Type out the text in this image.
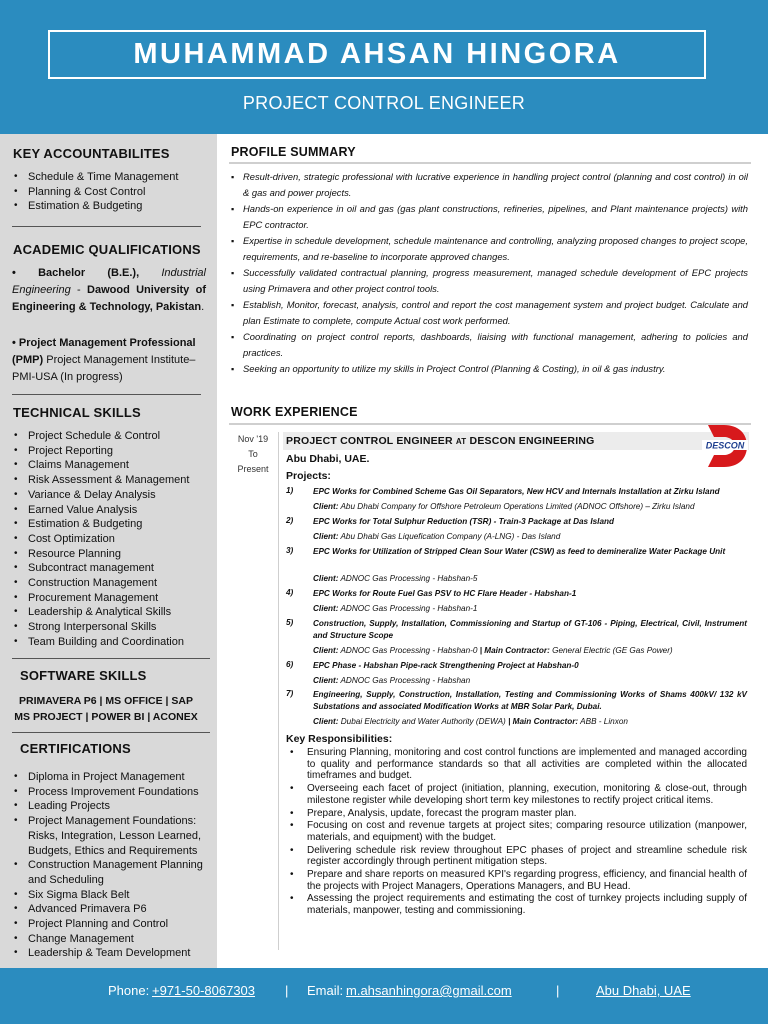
MUHAMMAD AHSAN HINGORA
PROJECT CONTROL ENGINEER
KEY ACCOUNTABILITES
• Schedule & Time Management
• Planning & Cost Control
• Estimation & Budgeting
ACADEMIC QUALIFICATIONS
• Bachelor (B.E.), Industrial Engineering - Dawood University of Engineering & Technology, Pakistan.
• Project Management Professional (PMP) Project Management Institute– PMI-USA (In progress)
TECHNICAL SKILLS
• Project Schedule & Control
• Project Reporting
• Claims Management
• Risk Assessment & Management
• Variance & Delay Analysis
• Earned Value Analysis
• Estimation & Budgeting
• Cost Optimization
• Resource Planning
• Subcontract management
• Construction Management
• Procurement Management
• Leadership & Analytical Skills
• Strong Interpersonal Skills
• Team Building and Coordination
SOFTWARE SKILLS
PRIMAVERA P6 | MS OFFICE | SAP
MS PROJECT | POWER BI | ACONEX
CERTIFICATIONS
• Diploma in Project Management
• Process Improvement Foundations
• Leading Projects
• Project Management Foundations: Risks, Integration, Lesson Learned, Budgets, Ethics and Requirements
• Construction Management Planning and Scheduling
• Six Sigma Black Belt
• Advanced Primavera P6
• Project Planning and Control
• Change Management
• Leadership & Team Development
PROFILE SUMMARY
▪ Result-driven, strategic professional with lucrative experience in handling project control (planning and cost control) in oil & gas and power projects.
▪ Hands-on experience in oil and gas (gas plant constructions, refineries, pipelines, and Plant maintenance projects) with EPC contractor.
▪ Expertise in schedule development, schedule maintenance and controlling, analyzing proposed changes to project scope, requirements, and re-baseline to incorporate approved changes.
▪ Successfully validated contractual planning, progress measurement, managed schedule development of EPC projects using Primavera and other project control tools.
▪ Establish, Monitor, forecast, analysis, control and report the cost management system and project budget. Calculate and plan Estimate to complete, compute Actual cost work performed.
▪ Coordinating on project control reports, dashboards, liaising with functional management, adhering to policies and practices.
▪ Seeking an opportunity to utilize my skills in Project Control (Planning & Costing), in oil & gas industry.
WORK EXPERIENCE
Nov '19
To
Present
PROJECT CONTROL ENGINEER AT DESCON ENGINEERING	DESCON
Abu Dhabi, UAE.
Projects:
1) EPC Works for Combined Scheme Gas Oil Separators, New HCV and Internals Installation at Zirku Island
Client: Abu Dhabi Company for Offshore Petroleum Operations Limited (ADNOC Offshore) – Zirku Island
2) EPC Works for Total Sulphur Reduction (TSR) - Train-3 Package at Das Island
Client: Abu Dhabi Gas Liquefication Company (A-LNG) - Das Island
3) EPC Works for Utilization of Stripped Clean Sour Water (CSW) as feed to demineralize Water Package Unit
Client: ADNOC Gas Processing - Habshan-5
4) EPC Works for Route Fuel Gas PSV to HC Flare Header - Habshan-1
Client: ADNOC Gas Processing - Habshan-1
5) Construction, Supply, Installation, Commissioning and Startup of GT-106 - Piping, Electrical, Civil, Instrument and Structure Scope
Client: ADNOC Gas Processing - Habshan-0 | Main Contractor: General Electric (GE Gas Power)
6) EPC Phase - Habshan Pipe-rack Strengthening Project at Habshan-0
Client: ADNOC Gas Processing - Habshan
7) Engineering, Supply, Construction, Installation, Testing and Commissioning Works of Shams 400kV/ 132 kV Substations and associated Modification Works at MBR Solar Park, Dubai.
Client: Dubai Electricity and Water Authority (DEWA) | Main Contractor: ABB - Linxon
Key Responsibilities:
• Ensuring Planning, monitoring and cost control functions are implemented and managed according to quality and performance standards so that all activities are completed within the allocated timeframes and budget.
• Overseeing each facet of project (initiation, planning, execution, monitoring & close-out, through milestone register while developing short term key milestones to rectify project critical items.
• Prepare, Analysis, update, forecast the program master plan.
• Focusing on cost and revenue targets at project sites; comparing resource utilization (manpower, materials, and equipment) with the budget.
• Delivering schedule risk review throughout EPC phases of project and streamline schedule risk register accordingly through pertinent mitigation steps.
• Prepare and share reports on measured KPI's regarding progress, efficiency, and financial health of the projects with Project Managers, Operations Managers, and BU Head.
• Assessing the project requirements and estimating the cost of turnkey projects including supply of materials, manpower, testing and commissioning.
Phone: +971-50-8067303 | Email: m.ahsanhingora@gmail.com	|	Abu Dhabi, UAE
